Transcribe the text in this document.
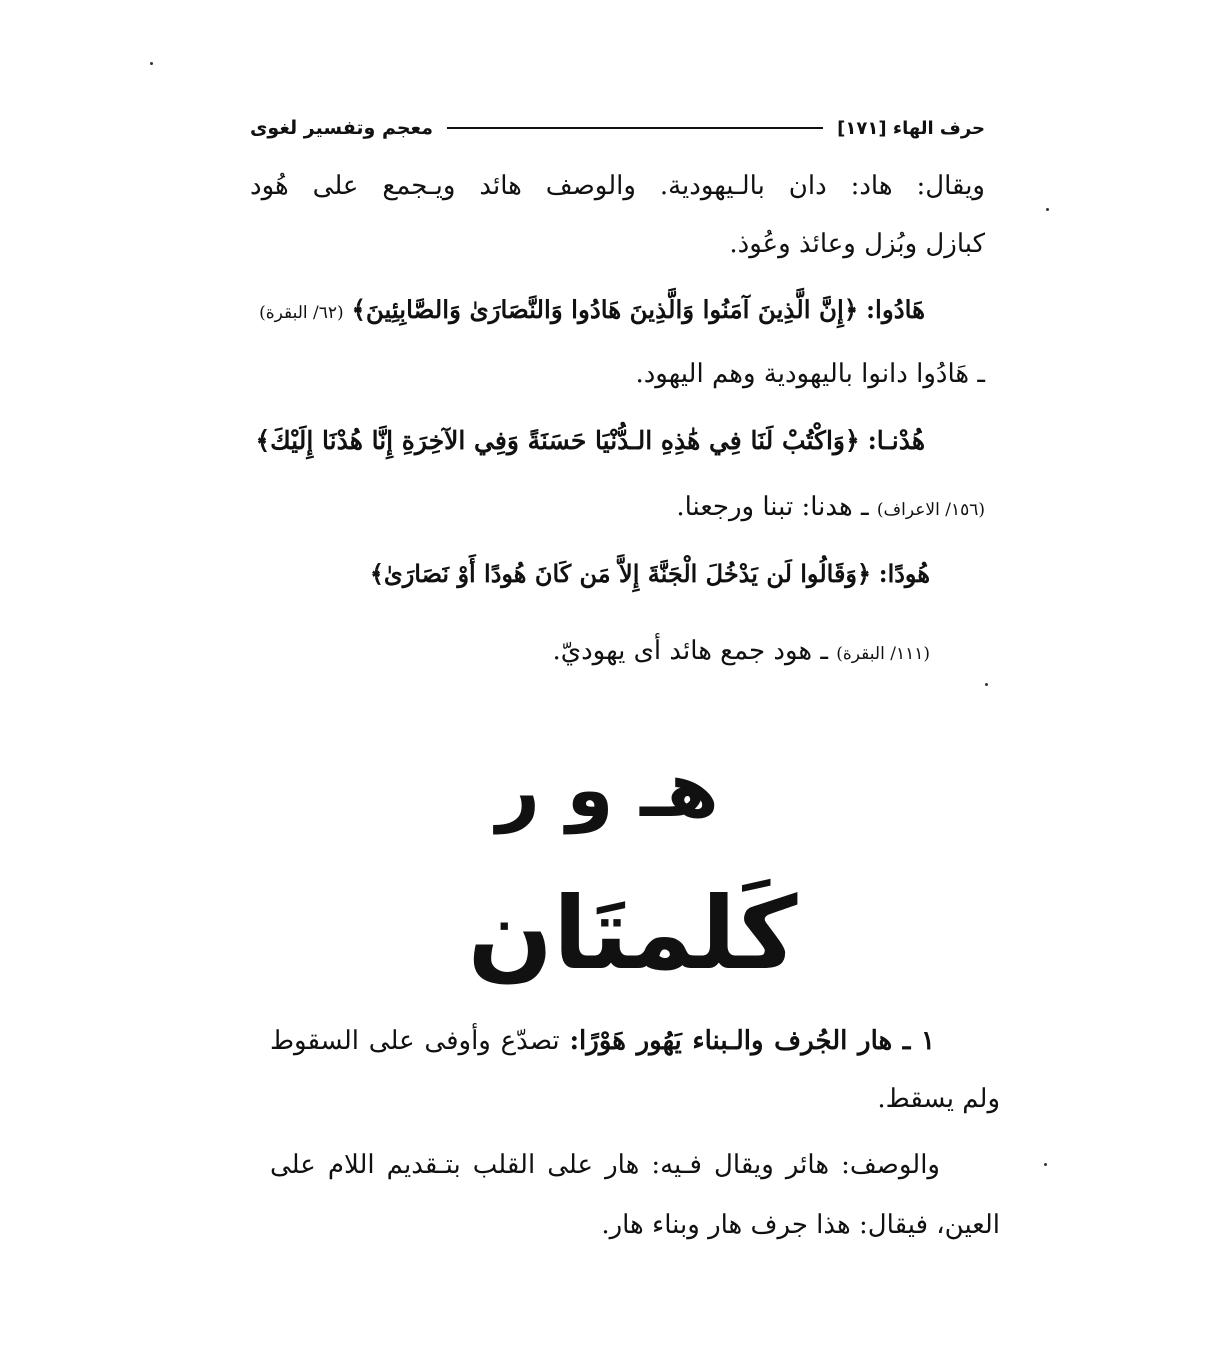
معجم وتفسير لغوى	حرف الهاء [١٧١]
ويقال: هاد: دان بالـيهودية. والوصف هائد ويـجمع على هُود
كبازل وبُزل وعائذ وعُوذ.
هَادُوا: ﴿إِنَّ الَّذِينَ آمَنُوا وَالَّذِينَ هَادُوا وَالنَّصَارَىٰ وَالصَّابِئِينَ﴾ (٦٢/ البقرة)
ـ هَادُوا دانوا باليهودية وهم اليهود.
هُدْنـا: ﴿وَاكْتُبْ لَنَا فِي هَٰذِهِ الـدُّنْيَا حَسَنَةً وَفِي الآخِرَةِ إِنَّا هُدْنَا إِلَيْكَ﴾
(١٥٦/ الاعراف) ـ هدنا: تبنا ورجعنا.
هُودًا: ﴿وَقَالُوا لَن يَدْخُلَ الْجَنَّةَ إِلاَّ مَن كَانَ هُودًا أَوْ نَصَارَىٰ﴾
(١١١/ البقرة) ـ هود جمع هائد أى يهوديّ.
هـ و ر
كَلمتَان
١ ـ هار الجُرف والـبناء يَهُور هَوْرًا: تصدّع وأوفى على السقوط
ولم يسقط.
والوصف: هائر ويقال فـيه: هار على القلب بتـقديم اللام على
العين، فيقال: هذا جرف هار وبناء هار.
